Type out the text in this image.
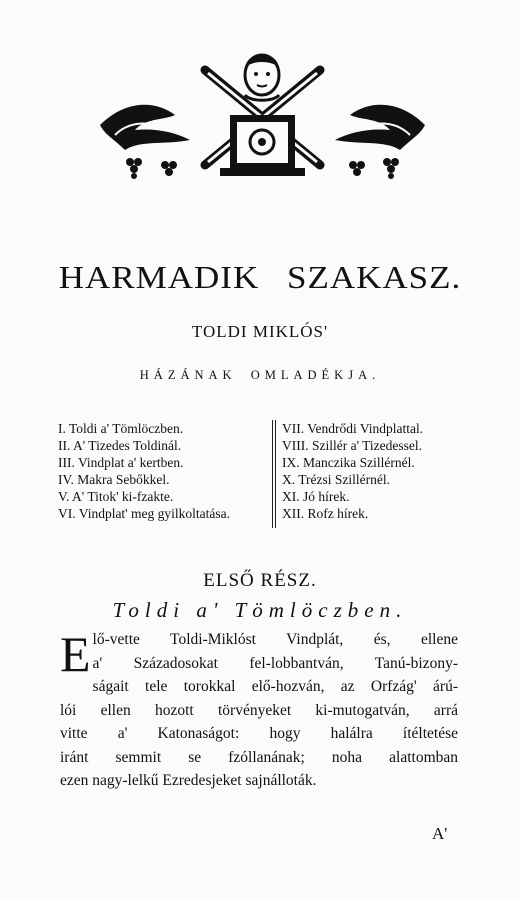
HARMADIK SZAKASZ.
TOLDI MIKLÓS'
HÁZÁNAK OMLADÉKJA.
I. Toldi a' Tömlöczben.
II. A' Tizedes Toldinál.
III. Vindplat a' kertben.
IV. Makra Sebőkkel.
V. A' Titok' ki-fzakte.
VI. Vindplat' meg gyilkoltatása.
VII. Vendrődi Vindplattal.
VIII. Szillér a' Tizedessel.
IX. Manczika Szillérnél.
X. Trézsi Szillérnél.
XI. Jó hírek.
XII. Rofz hírek.
ELSŐ RÉSZ.
Toldi a' Tömlöczben.
E lő-vette Toldi-Miklóst Vindplát, és, ellene
a' Századosokat fel-lobbantván, Tanú-bizony-
ságait tele torokkal elő-hozván, az Orfzág' árú-
lói ellen hozott törvényeket ki-mutogatván, arrá
vitte a' Katonaságot: hogy halálra ítéltetése
iránt semmit se fzóllanának; noha alattomban
ezen nagy-lelkű Ezredesjeket sajnálloták.
A'
